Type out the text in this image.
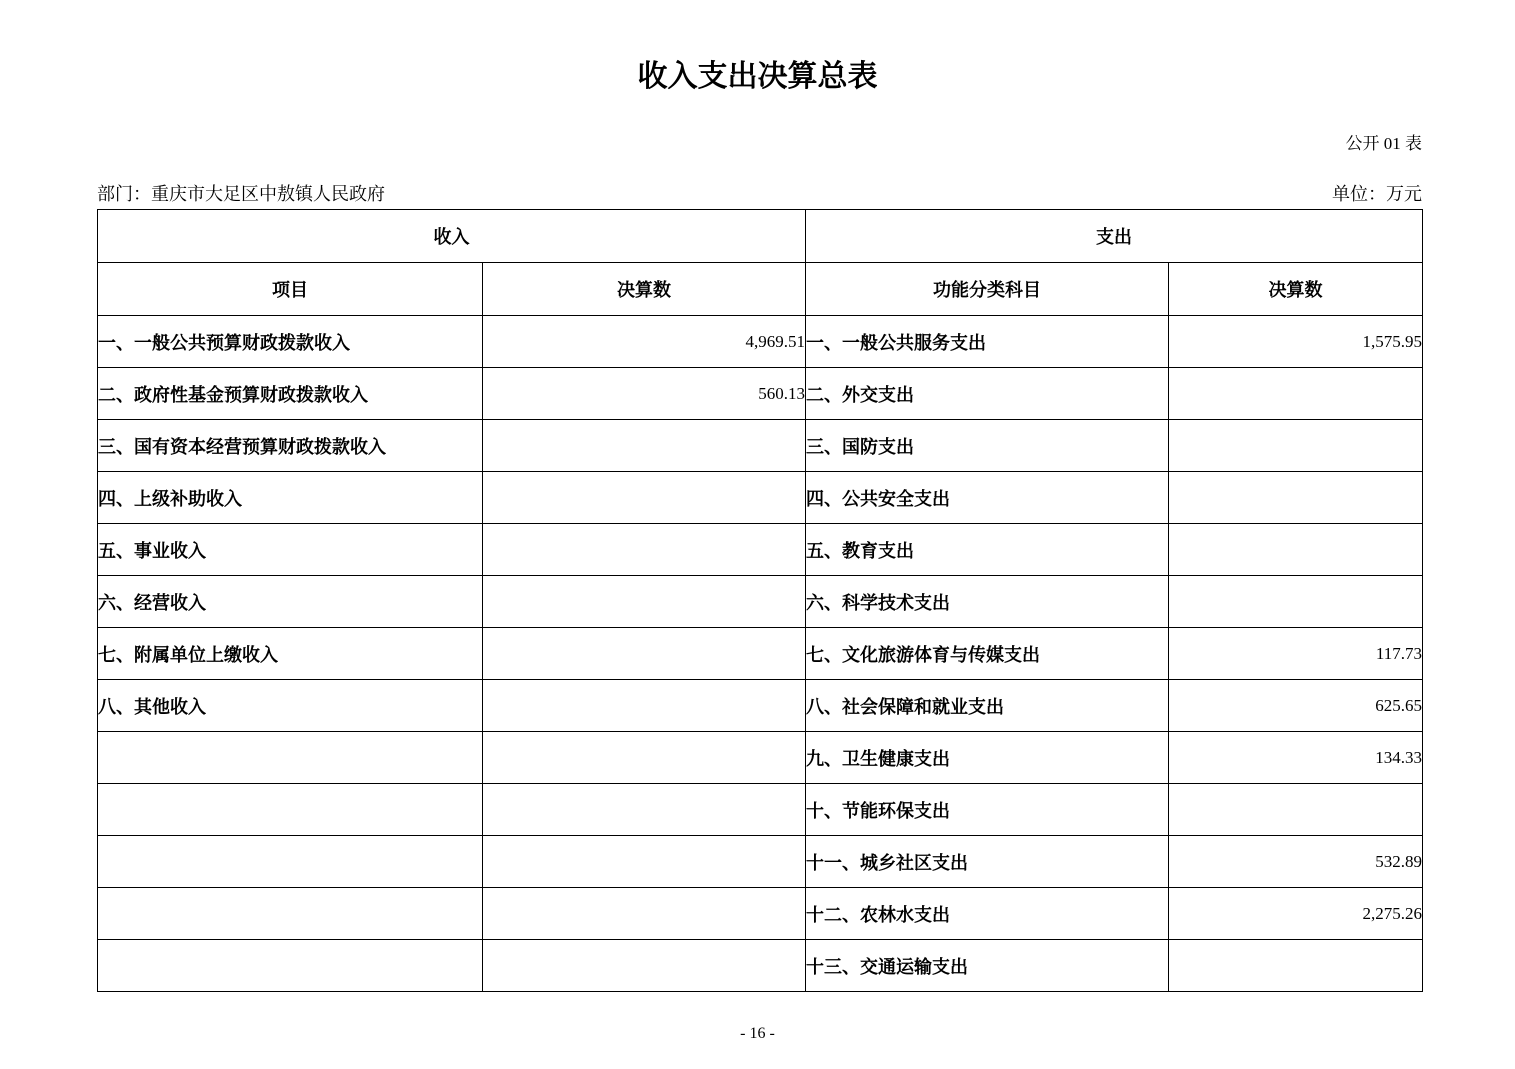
收入支出决算总表
公开 01 表
部门：重庆市大足区中敖镇人民政府	单位：万元
收入		支出	
项目	决算数	功能分类科目	决算数
一、一般公共预算财政拨款收入	4,969.51	一、一般公共服务支出	1,575.95
二、政府性基金预算财政拨款收入	560.13	二、外交支出	
三、国有资本经营预算财政拨款收入		三、国防支出	
四、上级补助收入		四、公共安全支出	
五、事业收入		五、教育支出	
六、经营收入		六、科学技术支出	
七、附属单位上缴收入		七、文化旅游体育与传媒支出	117.73
八、其他收入		八、社会保障和就业支出	625.65
		九、卫生健康支出	134.33
		十、节能环保支出	
		十一、城乡社区支出	532.89
		十二、农林水支出	2,275.26
		十三、交通运输支出	
- 16 -
